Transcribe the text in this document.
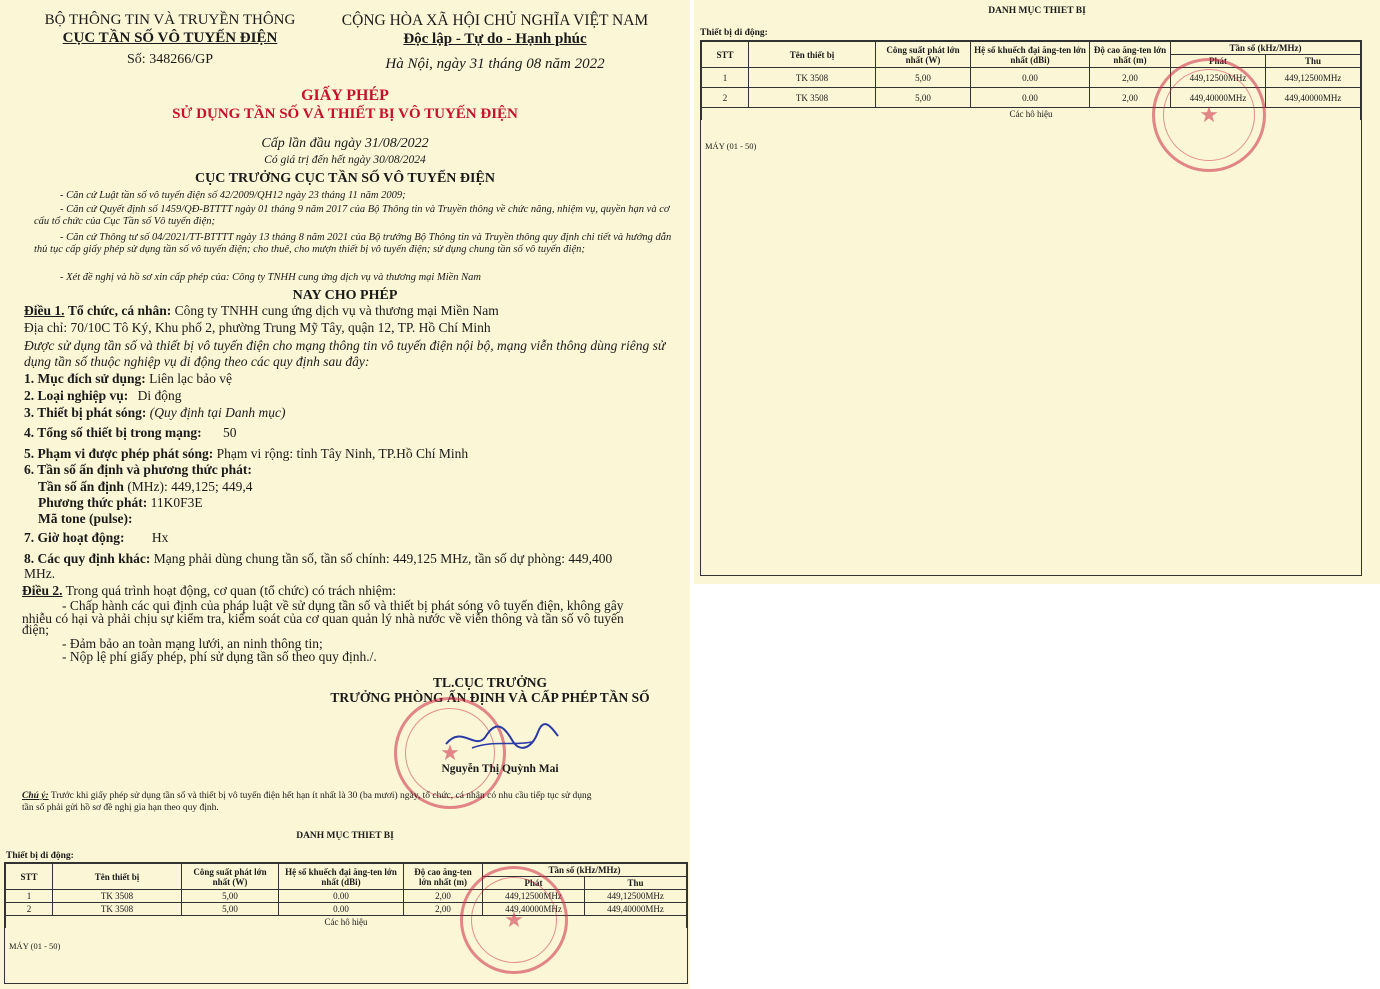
BỘ THÔNG TIN VÀ TRUYỀN THÔNG
CỤC TẦN SỐ VÔ TUYẾN ĐIỆN
Số: 348266/GP
CỘNG HÒA XÃ HỘI CHỦ NGHĨA VIỆT NAM
Độc lập - Tự do - Hạnh phúc
Hà Nội, ngày 31 tháng 08 năm 2022
GIẤY PHÉP
SỬ DỤNG TẦN SỐ VÀ THIẾT BỊ VÔ TUYẾN ĐIỆN
Cấp lần đầu ngày 31/08/2022
Có giá trị đến hết ngày 30/08/2024
CỤC TRƯỞNG CỤC TẦN SỐ VÔ TUYẾN ĐIỆN
- Căn cứ Luật tần số vô tuyến điện số 42/2009/QH12 ngày 23 tháng 11 năm 2009;
- Căn cứ Quyết định số 1459/QĐ-BTTTT ngày 01 tháng 9 năm 2017 của Bộ Thông tin và Truyền thông về chức năng, nhiệm vụ, quyền hạn và cơ cấu tổ chức của Cục Tần số Vô tuyến điện;
- Căn cứ Thông tư số 04/2021/TT-BTTTT ngày 13 tháng 8 năm 2021 của Bộ trưởng Bộ Thông tin và Truyền thông quy định chi tiết và hướng dẫn thủ tục cấp giấy phép sử dụng tần số vô tuyến điện; cho thuê, cho mượn thiết bị vô tuyến điện; sử dụng chung tần số vô tuyến điện;
- Xét đề nghị và hồ sơ xin cấp phép của: Công ty TNHH cung ứng dịch vụ và thương mại Miền Nam
NAY CHO PHÉP
Điều 1. Tổ chức, cá nhân: Công ty TNHH cung ứng dịch vụ và thương mại Miền Nam
Địa chỉ: 70/10C Tô Ký, Khu phố 2, phường Trung Mỹ Tây, quận 12, TP. Hồ Chí Minh
Được sử dụng tần số và thiết bị vô tuyến điện cho mạng thông tin vô tuyến điện nội bộ, mạng viễn thông dùng riêng sử dụng tần số thuộc nghiệp vụ di động theo các quy định sau đây:
1. Mục đích sử dụng: Liên lạc bảo vệ
2. Loại nghiệp vụ: Di động
3. Thiết bị phát sóng: (Quy định tại Danh mục)
4. Tổng số thiết bị trong mạng: 50
5. Phạm vi được phép phát sóng: Phạm vi rộng: tỉnh Tây Ninh, TP.Hồ Chí Minh
6. Tần số ấn định và phương thức phát:
Tần số ấn định (MHz): 449,125; 449,4
Phương thức phát: 11K0F3E
Mã tone (pulse):
7. Giờ hoạt động: Hx
8. Các quy định khác: Mạng phải dùng chung tần số, tần số chính: 449,125 MHz, tần số dự phòng: 449,400
MHz.
Điều 2. Trong quá trình hoạt động, cơ quan (tổ chức) có trách nhiệm:
- Chấp hành các qui định của pháp luật về sử dụng tần số và thiết bị phát sóng vô tuyến điện, không gây
nhiễu có hại và phải chịu sự kiểm tra, kiểm soát của cơ quan quản lý nhà nước về viễn thông và tần số vô tuyến
điện;
- Đảm bảo an toàn mạng lưới, an ninh thông tin;
- Nộp lệ phí giấy phép, phí sử dụng tần số theo quy định./.
TL.CỤC TRƯỞNG
TRƯỞNG PHÒNG ẤN ĐỊNH VÀ CẤP PHÉP TẦN SỐ
★
Nguyễn Thị Quỳnh Mai
Chú ý: Trước khi giấy phép sử dụng tần số và thiết bị vô tuyến điện hết hạn ít nhất là 30 (ba mươi) ngày, tổ chức, cá nhân có nhu cầu tiếp tục sử dụng
tần số phải gửi hồ sơ đề nghị gia hạn theo quy định.
DANH MỤC THIET BỊ
Thiết bị di động:
STT	Tên thiết bị	Công suất phát lớn nhất (W)	Hệ số khuếch đại ăng-ten lớn nhất (dBi)	Độ cao ăng-ten lớn nhất (m)	Tần số (kHz/MHz)	
					Phát	Thu
1	TK 3508	5,00	0.00	2,00	449,12500MHz	449,12500MHz
2	TK 3508	5,00	0.00	2,00	449,40000MHz	449,40000MHz
Các hô hiệu						
MÁY (01 - 50)
★
DANH MỤC THIET BỊ
Thiết bị di động:
STT	Tên thiết bị	Công suất phát lớn nhất (W)	Hệ số khuếch đại ăng-ten lớn nhất (dBi)	Độ cao ăng-ten lớn nhất (m)	Tần số (kHz/MHz)	
					Phát	Thu
1	TK 3508	5,00	0.00	2,00	449,12500MHz	449,12500MHz
2	TK 3508	5,00	0.00	2,00	449,40000MHz	449,40000MHz
Các hô hiệu						
MÁY (01 - 50)
★
